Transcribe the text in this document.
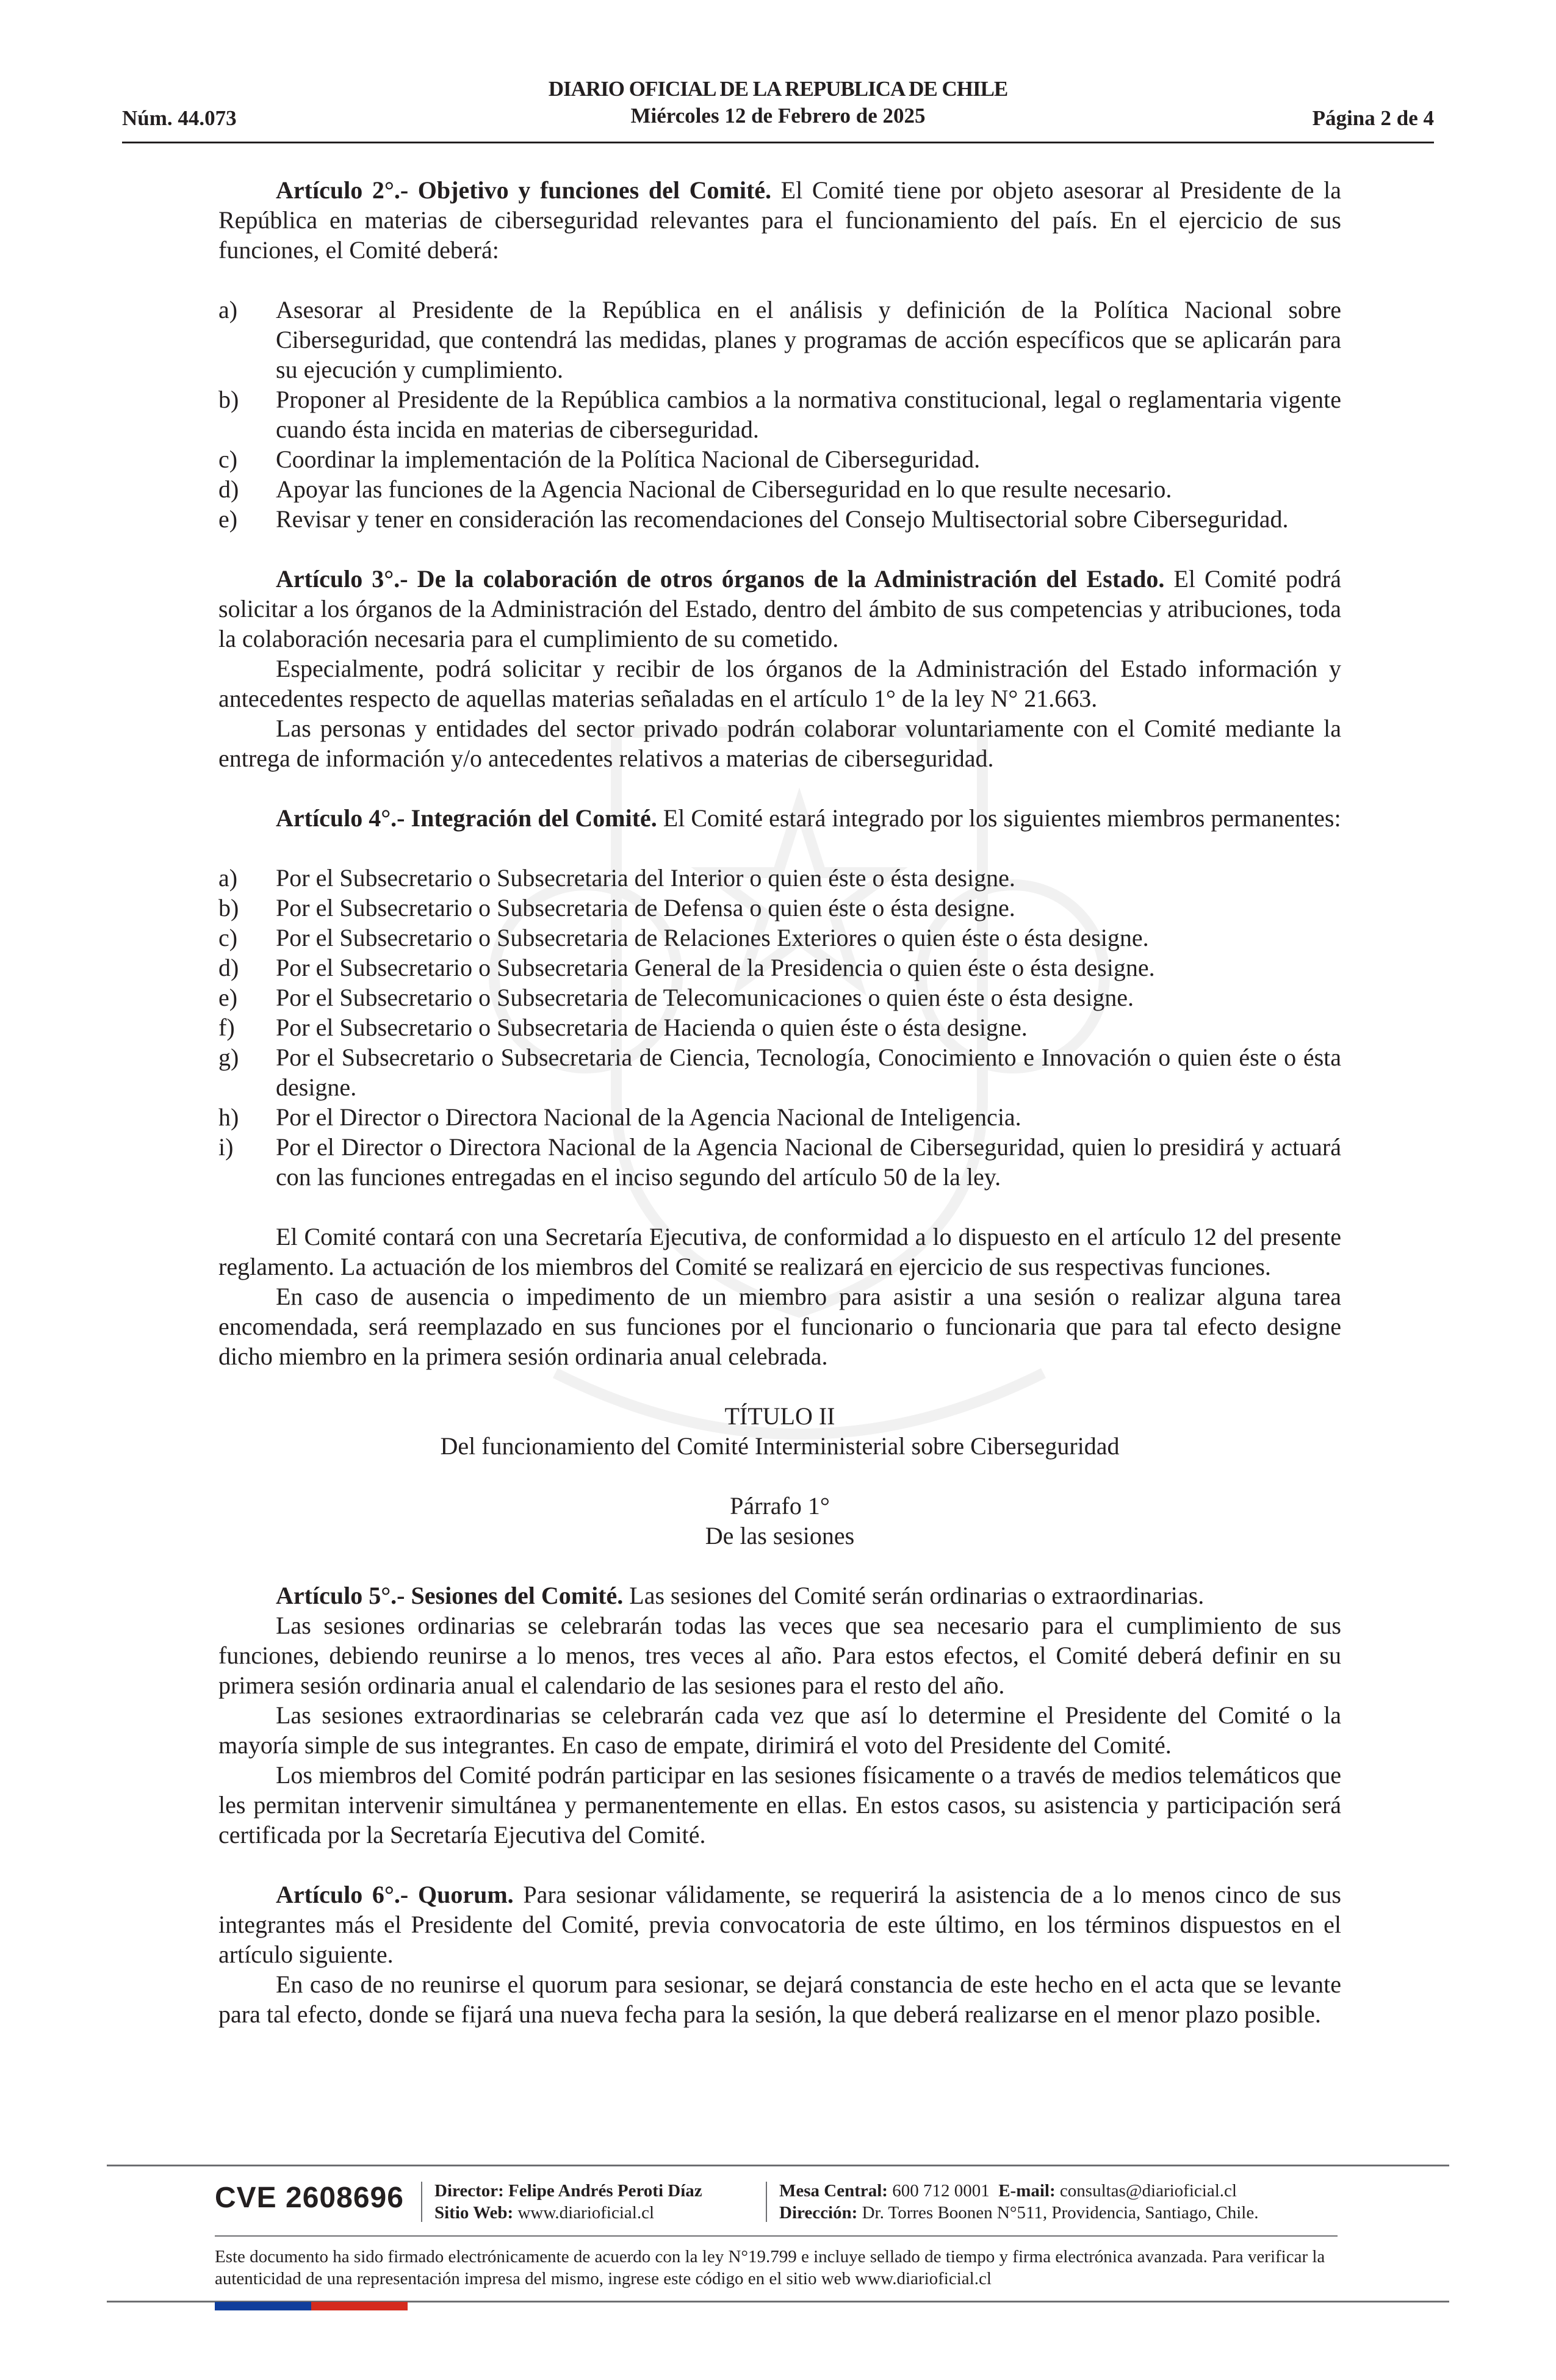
Núm. 44.073
DIARIO OFICIAL DE LA REPUBLICA DE CHILE
Miércoles 12 de Febrero de 2025	Página 2 de 4
Artículo 2°.- Objetivo y funciones del Comité. El Comité tiene por objeto asesorar al Presidente de la República en materias de ciberseguridad relevantes para el funcionamiento del país. En el ejercicio de sus funciones, el Comité deberá:
a)	Asesorar al Presidente de la República en el análisis y definición de la Política Nacional sobre Ciberseguridad, que contendrá las medidas, planes y programas de acción específicos que se aplicarán para su ejecución y cumplimiento.
b)	Proponer al Presidente de la República cambios a la normativa constitucional, legal o reglamentaria vigente cuando ésta incida en materias de ciberseguridad.
c)	Coordinar la implementación de la Política Nacional de Ciberseguridad.
d)	Apoyar las funciones de la Agencia Nacional de Ciberseguridad en lo que resulte necesario.
e)	Revisar y tener en consideración las recomendaciones del Consejo Multisectorial sobre Ciberseguridad.
Artículo 3°.- De la colaboración de otros órganos de la Administración del Estado. El Comité podrá solicitar a los órganos de la Administración del Estado, dentro del ámbito de sus competencias y atribuciones, toda la colaboración necesaria para el cumplimiento de su cometido.
Especialmente, podrá solicitar y recibir de los órganos de la Administración del Estado información y antecedentes respecto de aquellas materias señaladas en el artículo 1° de la ley N° 21.663.
Las personas y entidades del sector privado podrán colaborar voluntariamente con el Comité mediante la entrega de información y/o antecedentes relativos a materias de ciberseguridad.
Artículo 4°.- Integración del Comité. El Comité estará integrado por los siguientes miembros permanentes:
a)	Por el Subsecretario o Subsecretaria del Interior o quien éste o ésta designe.
b)	Por el Subsecretario o Subsecretaria de Defensa o quien éste o ésta designe.
c)	Por el Subsecretario o Subsecretaria de Relaciones Exteriores o quien éste o ésta designe.
d)	Por el Subsecretario o Subsecretaria General de la Presidencia o quien éste o ésta designe.
e)	Por el Subsecretario o Subsecretaria de Telecomunicaciones o quien éste o ésta designe.
f)	Por el Subsecretario o Subsecretaria de Hacienda o quien éste o ésta designe.
g)	Por el Subsecretario o Subsecretaria de Ciencia, Tecnología, Conocimiento e Innovación o quien éste o ésta designe.
h)	Por el Director o Directora Nacional de la Agencia Nacional de Inteligencia.
i)	Por el Director o Directora Nacional de la Agencia Nacional de Ciberseguridad, quien lo presidirá y actuará con las funciones entregadas en el inciso segundo del artículo 50 de la ley.
El Comité contará con una Secretaría Ejecutiva, de conformidad a lo dispuesto en el artículo 12 del presente reglamento. La actuación de los miembros del Comité se realizará en ejercicio de sus respectivas funciones.
En caso de ausencia o impedimento de un miembro para asistir a una sesión o realizar alguna tarea encomendada, será reemplazado en sus funciones por el funcionario o funcionaria que para tal efecto designe dicho miembro en la primera sesión ordinaria anual celebrada.
TÍTULO II
Del funcionamiento del Comité Interministerial sobre Ciberseguridad
Párrafo 1°
De las sesiones
Artículo 5°.- Sesiones del Comité. Las sesiones del Comité serán ordinarias o extraordinarias.
Las sesiones ordinarias se celebrarán todas las veces que sea necesario para el cumplimiento de sus funciones, debiendo reunirse a lo menos, tres veces al año. Para estos efectos, el Comité deberá definir en su primera sesión ordinaria anual el calendario de las sesiones para el resto del año.
Las sesiones extraordinarias se celebrarán cada vez que así lo determine el Presidente del Comité o la mayoría simple de sus integrantes. En caso de empate, dirimirá el voto del Presidente del Comité.
Los miembros del Comité podrán participar en las sesiones físicamente o a través de medios telemáticos que les permitan intervenir simultánea y permanentemente en ellas. En estos casos, su asistencia y participación será certificada por la Secretaría Ejecutiva del Comité.
Artículo 6°.- Quorum. Para sesionar válidamente, se requerirá la asistencia de a lo menos cinco de sus integrantes más el Presidente del Comité, previa convocatoria de este último, en los términos dispuestos en el artículo siguiente.
En caso de no reunirse el quorum para sesionar, se dejará constancia de este hecho en el acta que se levante para tal efecto, donde se fijará una nueva fecha para la sesión, la que deberá realizarse en el menor plazo posible.
CVE 2608696 Director: Felipe Andrés Peroti Díaz
Sitio Web: www.diarioficial.cl
Mesa Central: 600 712 0001 E-mail: consultas@diarioficial.cl
Dirección: Dr. Torres Boonen N°511, Providencia, Santiago, Chile.
Este documento ha sido firmado electrónicamente de acuerdo con la ley N°19.799 e incluye sellado de tiempo y firma electrónica avanzada. Para verificar la autenticidad de una representación impresa del mismo, ingrese este código en el sitio web www.diarioficial.cl
